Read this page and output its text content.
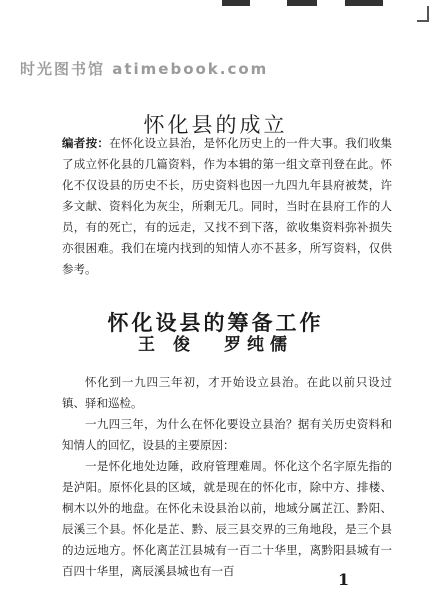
时光图书馆 atimebook.com
怀化县的成立
编者按：在怀化设立县治，是怀化历史上的一件大事。我们收集了成立怀化县的几篇资料，作为本辑的第一组文章刊登在此。怀化不仅设县的历史不长，历史资料也因一九四九年县府被焚，许多文献、资料化为灰尘，所剩无几。同时，当时在县府工作的人员，有的死亡，有的远走，又找不到下落，欲收集资料弥补损失亦很困难。我们在境内找到的知情人亦不甚多，所写资料，仅供参考。
怀化设县的筹备工作
王 俊 罗纯儒

怀化到一九四三年初，才开始设立县治。在此以前只设过镇、驿和巡检。

一九四三年，为什么在怀化要设立县治？据有关历史资料和知情人的回忆，设县的主要原因：

一是怀化地处边陲，政府管理难周。怀化这个名字原先指的是泸阳。原怀化县的区域，就是现在的怀化市，除中方、排楼、桐木以外的地盘。在怀化未设县治以前，地域分属芷江、黔阳、辰溪三个县。怀化是芷、黔、辰三县交界的三角地段，是三个县的边远地方。怀化离芷江县城有一百二十华里，离黔阳县城有一百四十华里，离辰溪县城也有一百	1
